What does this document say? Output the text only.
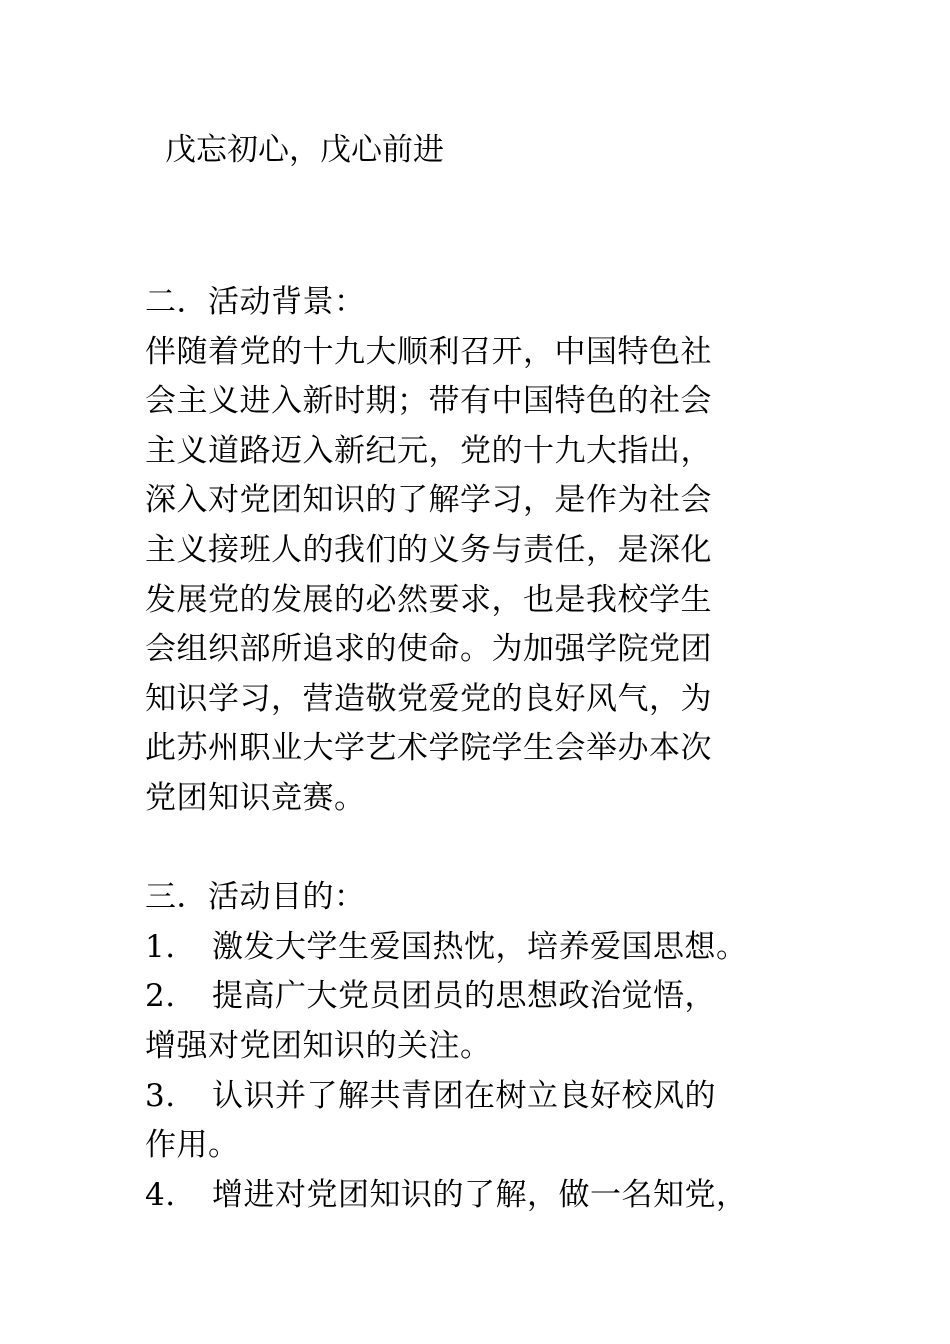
戊忘初心，戊心前进
二．活动背景：
伴随着党的十九大顺利召开，中国特色社
会主义进入新时期；带有中国特色的社会
主义道路迈入新纪元，党的十九大指出，
深入对党团知识的了解学习，是作为社会
主义接班人的我们的义务与责任，是深化
发展党的发展的必然要求，也是我校学生
会组织部所追求的使命。为加强学院党团
知识学习，营造敬党爱党的良好风气，为
此苏州职业大学艺术学院学生会举办本次
党团知识竞赛。
三．活动目的：
1. 激发大学生爱国热忱，培养爱国思想。
2. 提高广大党员团员的思想政治觉悟，
增强对党团知识的关注。
3. 认识并了解共青团在树立良好校风的
作用。
4. 增进对党团知识的了解，做一名知党，
